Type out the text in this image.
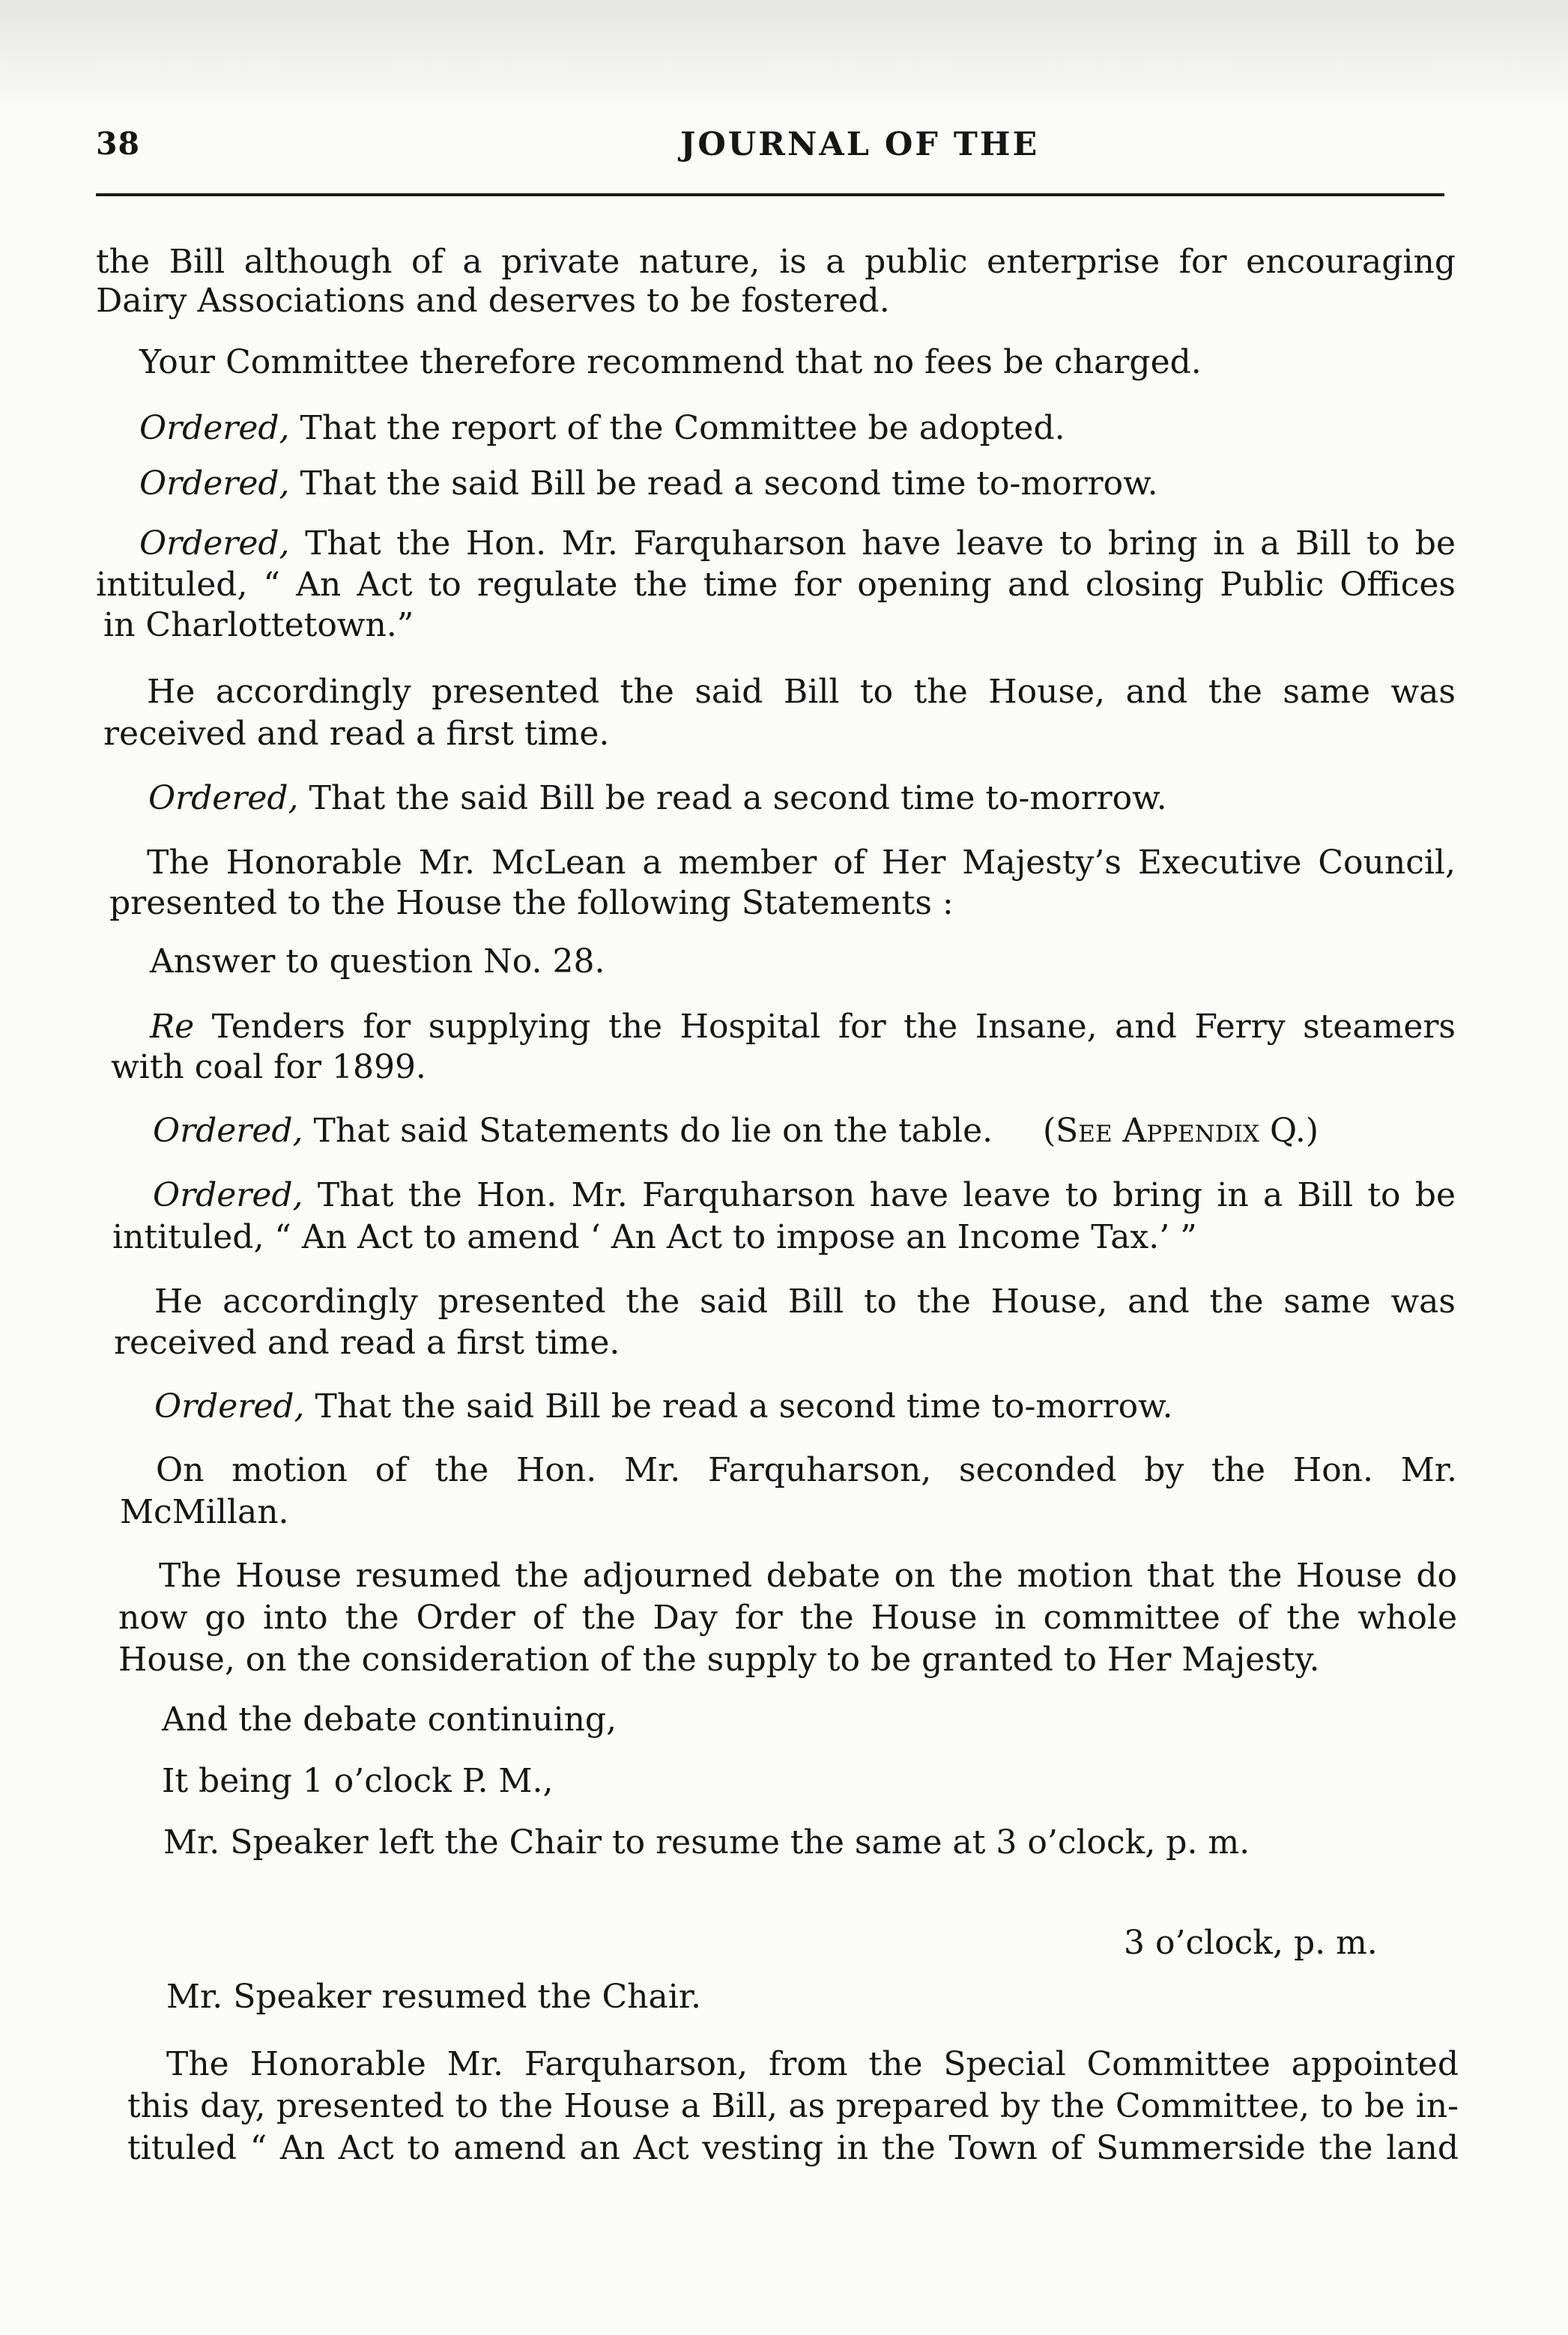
38	JOURNAL OF THE
the Bill although of a private nature, is a public enterprise for encouraging
Dairy Associations and deserves to be fostered.
Your Committee therefore recommend that no fees be charged.
Ordered, That the report of the Committee be adopted.
Ordered, That the said Bill be read a second time to-morrow.
Ordered, That the Hon. Mr. Farquharson have leave to bring in a Bill to be
intituled, “ An Act to regulate the time for opening and closing Public Offices
in Charlottetown.”
He accordingly presented the said Bill to the House, and the same was
received and read a first time.
Ordered, That the said Bill be read a second time to-morrow.
The Honorable Mr. McLean a member of Her Majesty’s Executive Council,
presented to the House the following Statements :
Answer to question No. 28.
Re Tenders for supplying the Hospital for the Insane, and Ferry steamers
with coal for 1899.
Ordered, That said Statements do lie on the table. (See Appendix Q.)
Ordered, That the Hon. Mr. Farquharson have leave to bring in a Bill to be
intituled, “ An Act to amend ‘ An Act to impose an Income Tax.’ ”
He accordingly presented the said Bill to the House, and the same was
received and read a first time.
Ordered, That the said Bill be read a second time to-morrow.
On motion of the Hon. Mr. Farquharson, seconded by the Hon. Mr.
McMillan.
The House resumed the adjourned debate on the motion that the House do
now go into the Order of the Day for the House in committee of the whole
House, on the consideration of the supply to be granted to Her Majesty.
And the debate continuing,
It being 1 o’clock P. M.,
Mr. Speaker left the Chair to resume the same at 3 o’clock, p. m.
3 o’clock, p. m.
Mr. Speaker resumed the Chair.
The Honorable Mr. Farquharson, from the Special Committee appointed
this day, presented to the House a Bill, as prepared by the Committee, to be in-
tituled “ An Act to amend an Act vesting in the Town of Summerside the land
